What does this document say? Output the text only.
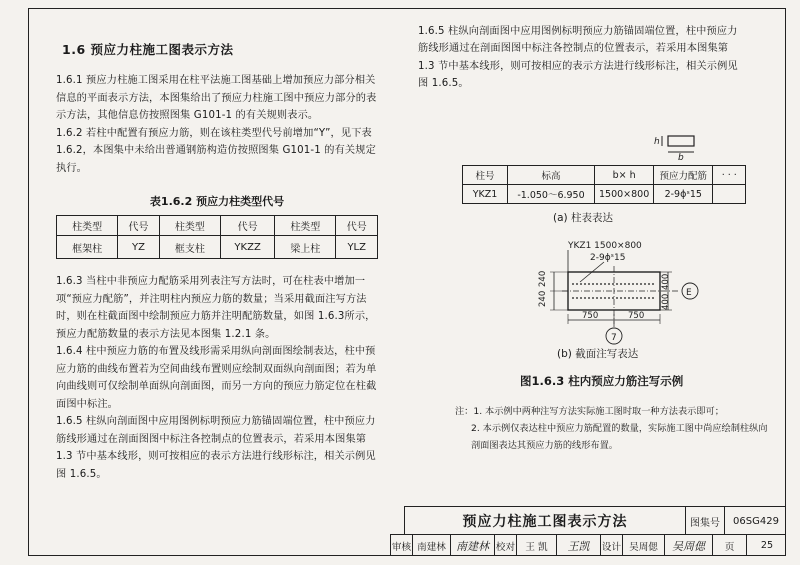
1.6 预应力柱施工图表示方法

1.6.1 预应力柱施工图采用在柱平法施工图基础上增加预应力部分相关信息的平面表示方法，本图集给出了预应力柱施工图中预应力部分的表示方法，其他信息仿按照图集 G101-1 的有关规则表示。

1.6.2 若柱中配置有预应力筋，则在该柱类型代号前增加“Y”，见下表 1.6.2，本图集中未给出普通钢筋构造仿按照图集 G101-1 的有关规定执行。

表1.6.2 预应力柱类型代号
柱类型	代号	柱类型	代号	柱类型	代号
框架柱	YZ	框支柱	YKZZ	梁上柱	YLZ

1.6.3 当柱中非预应力配筋采用列表注写方法时，可在柱表中增加一项“预应力配筋”，并注明柱内预应力筋的数量；当采用截面注写方法时，则在柱截面图中绘制预应力筋并注明配筋数量，如图 1.6.3所示，预应力配筋数量的表示方法见本图集 1.2.1 条。

1.6.4 柱中预应力筋的布置及线形需采用纵向剖面图绘制表达，柱中预应力筋的曲线布置若为空间曲线布置则应绘制双面纵向剖面图；若为单向曲线则可仅绘制单面纵向剖面图，而另一方向的预应力筋定位在柱截面图中标注。

1.6.5 柱纵向剖面图中应用图例标明预应力筋锚固端位置，柱中预应力筋线形通过在剖面图图中标注各控制点的位置表示，若采用本图集第 1.3 节中基本线形，则可按相应的表示方法进行线形标注，相关示例见图 1.6.5。

1.6.5 柱纵向剖面图中应用图例标明预应力筋锚固端位置，柱中预应力筋线形通过在剖面图图中标注各控制点的位置表示，若采用本图集第 1.3 节中基本线形，则可按相应的表示方法进行线形标注，相关示例见图 1.6.5。

h
b
柱号	标高	b× h	预应力配筋	· · ·
YKZ1	-1.050～6.950	1500×800	2-9ϕˢ15	
(a) 柱表表达
YKZ1 1500×800
2-9ϕˢ15
240
240
400
400
E
750	750
7
(b) 截面注写表达
图1.6.3 柱内预应力筋注写示例
注：1. 本示例中两种注写方法实际施工图时取一种方法表示即可；
2. 本示例仅表达柱中预应力筋配置的数量，实际施工图中尚应绘制柱纵向剖面图表达其预应力筋的线形布置。
预应力柱施工图表示方法	图集号	06SG429
审核 南建林 南建林 校对	王 凯	王凯	设计 吴周偲	吴周偲	页	25
